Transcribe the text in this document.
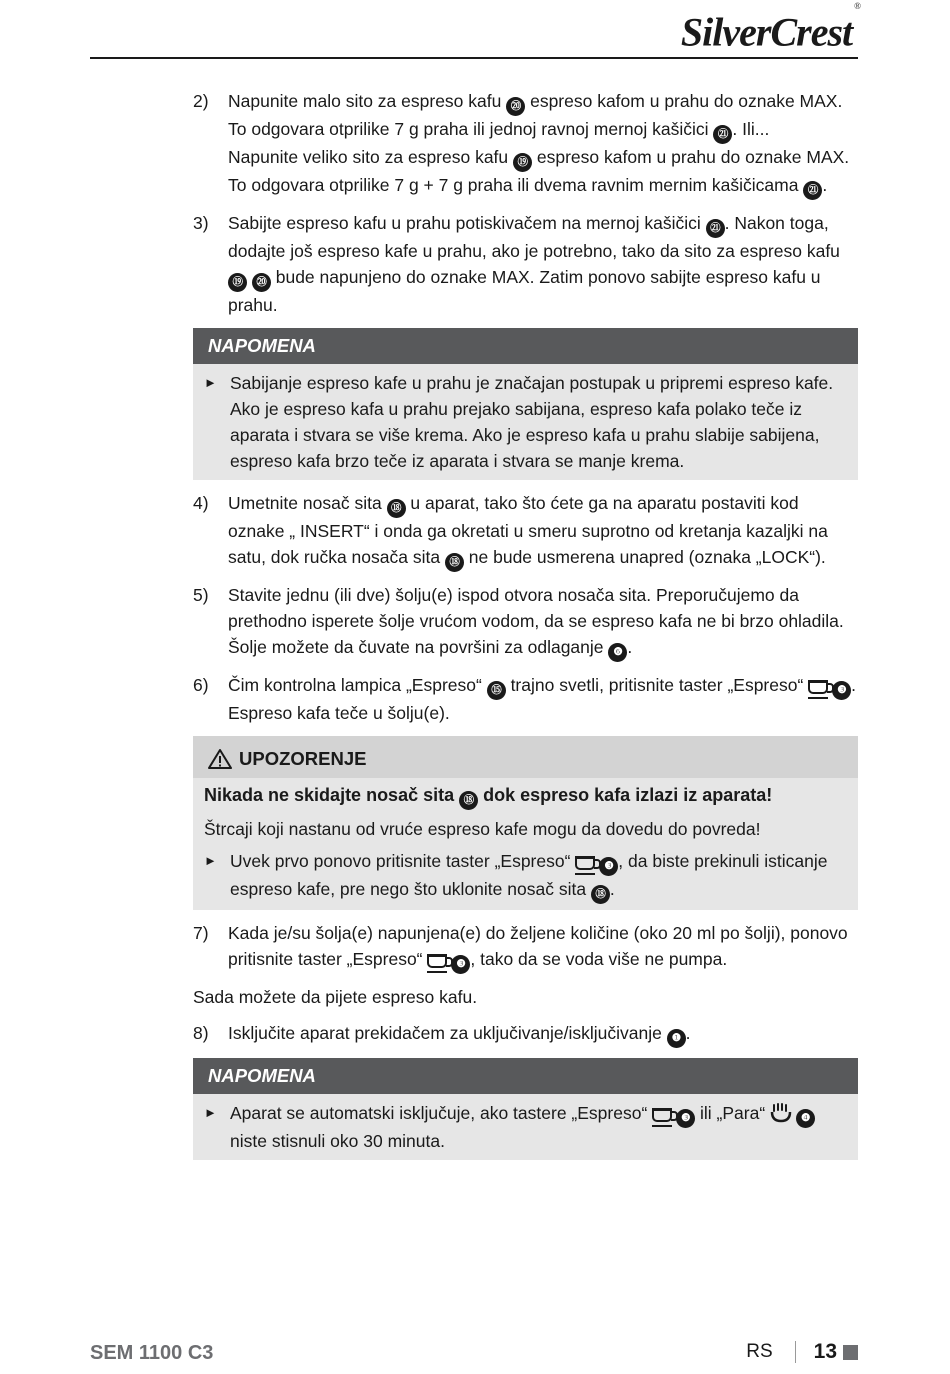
SilverCrest®
2)	Napunite malo sito za espreso kafu ⑳ espreso kafom u prahu do oznake MAX. To odgovara otprilike 7 g praha ili jednoj ravnoj mernoj kašičici ㉑ . Ili...

Napunite veliko sito za espreso kafu ⑲ espreso kafom u prahu do oznake MAX. To odgovara otprilike 7 g + 7 g praha ili dvema ravnim mernim kašičicama ㉑ .

3)	Sabijte espreso kafu u prahu potiskivačem na mernoj kašičici ㉑ . Nakon toga, dodajte još espreso kafe u prahu, ako je potrebno, tako da sito za espreso kafu ⑲ ⑳ bude napunjeno do oznake MAX. Zatim ponovo sabijte espreso kafu u prahu.

NAPOMENA
► Sabijanje espreso kafe u prahu je značajan postupak u pripremi espreso kafe. Ako je espreso kafa u prahu prejako sabijana, espreso kafa polako teče iz aparata i stvara se više krema. Ako je espreso kafa u prahu slabije sabijena, espreso kafa brzo teče iz aparata i stvara se manje krema.
4)	Umetnite nosač sita ⑱ u aparat, tako što ćete ga na aparatu postaviti kod oznake „ INSERT“ i onda ga okretati u smeru suprotno od kretanja kazaljki na satu, dok ručka nosača sita ⑱ ne bude usmerena unapred (oznaka „LOCK“).

5)	Stavite jednu (ili dve) šolju(e) ispod otvora nosača sita. Preporučujemo da prethodno isperete šolje vrućom vodom, da se espreso kafa ne bi brzo ohladila. Šolje možete da čuvate na površini za odlaganje ❻ .

6)	Čim kontrolna lampica „Espreso“ ⑮ trajno svetli, pritisnite taster „Espreso“	❸ . Espreso kafa teče u šolju(e).

UPOZORENJE

Nikada ne skidajte nosač sita ⑱ dok espreso kafa izlazi iz aparata!

Štrcaji koji nastanu od vruće espreso kafe mogu da dovedu do povreda!

► Uvek prvo ponovo pritisnite taster „Espreso“	❸ , da biste prekinuli isticanje espreso kafe, pre nego što uklonite nosač sita ⑱ .
7)	Kada je/su šolja(e) napunjena(e) do željene količine (oko 20 ml po šolji), ponovo pritisnite taster „Espreso“	❸ , tako da se voda više ne pumpa.

Sada možete da pijete espreso kafu.

8)	Isključite aparat prekidačem za uključivanje/isključivanje ❶ .

NAPOMENA
► Aparat se automatski isključuje, ako tastere „Espreso“	❸ ili „Para“	❹ niste stisnuli oko 30 minuta.
SEM 1100 C3	RS 13
